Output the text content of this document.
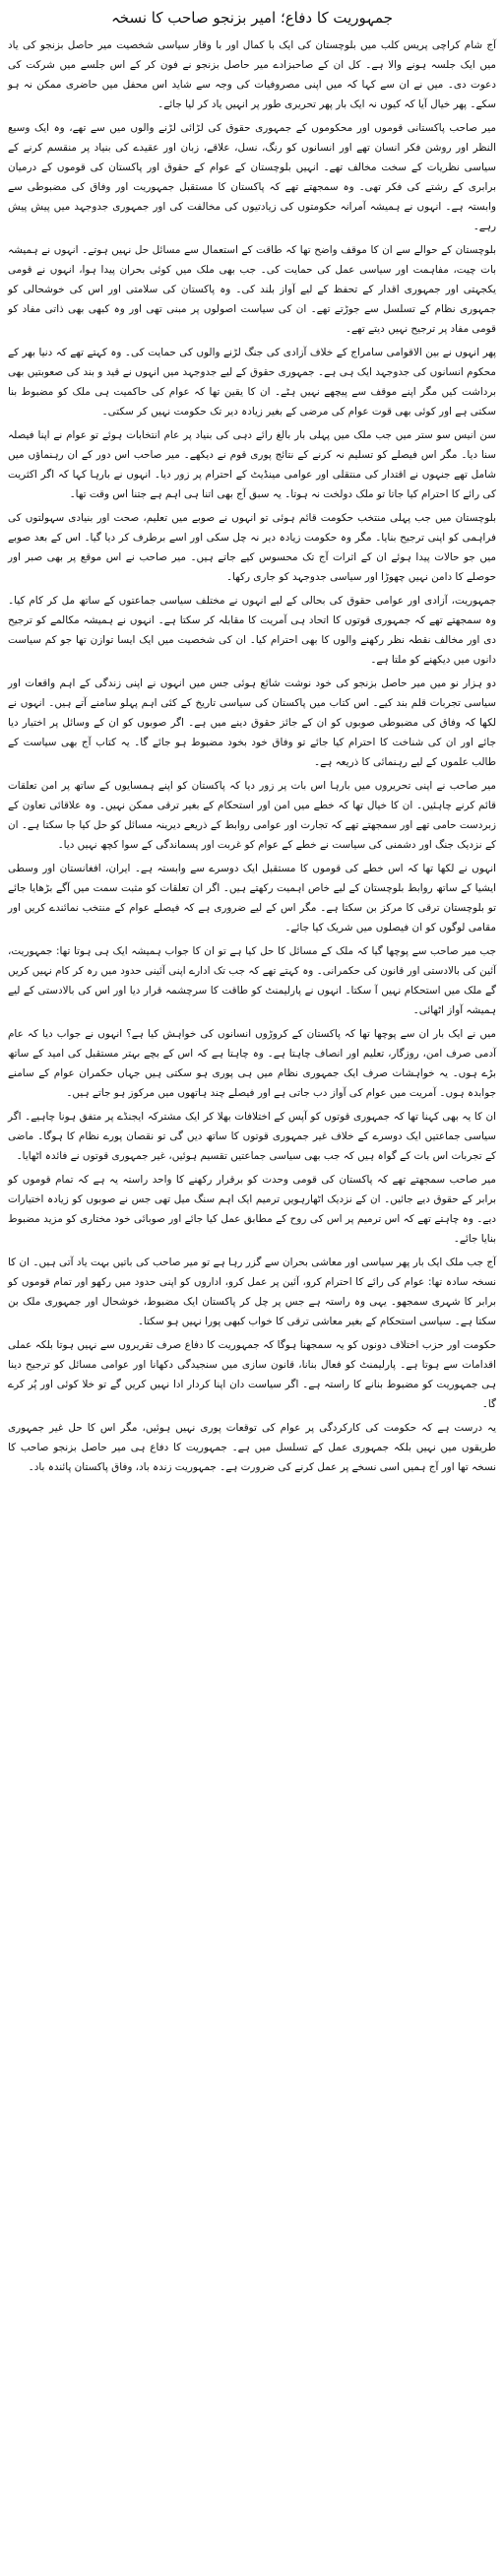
جمہوریت کا دفاع؛ امیر بزنجو صاحب کا نسخہ

آج شام کراچی پریس کلب میں بلوچستان کی ایک با کمال اور با وقار سیاسی شخصیت میر حاصل بزنجو کی یاد میں ایک جلسہ ہونے والا ہے۔ کل ان کے صاحبزادے میر حاصل بزنجو نے فون کر کے اس جلسے میں شرکت کی دعوت دی۔ میں نے ان سے کہا کہ میں اپنی مصروفیات کی وجہ سے شاید اس محفل میں حاضری ممکن نہ ہو سکے۔ پھر خیال آیا کہ کیوں نہ ایک بار پھر تحریری طور پر انہیں یاد کر لیا جائے۔

میر صاحب پاکستانی قوموں اور محکوموں کے جمہوری حقوق کی لڑائی لڑنے والوں میں سے تھے، وہ ایک وسیع النظر اور روشن فکر انسان تھے اور انسانوں کو رنگ، نسل، علاقے، زبان اور عقیدے کی بنیاد پر منقسم کرنے کے سیاسی نظریات کے سخت مخالف تھے۔ انہیں بلوچستان کے عوام کے حقوق اور پاکستان کی قوموں کے درمیان برابری کے رشتے کی فکر تھی۔ وہ سمجھتے تھے کہ پاکستان کا مستقبل جمہوریت اور وفاق کی مضبوطی سے وابستہ ہے۔ انہوں نے ہمیشہ آمرانہ حکومتوں کی زیادتیوں کی مخالفت کی اور جمہوری جدوجہد میں پیش پیش رہے۔

بلوچستان کے حوالے سے ان کا موقف واضح تھا کہ طاقت کے استعمال سے مسائل حل نہیں ہوتے۔ انہوں نے ہمیشہ بات چیت، مفاہمت اور سیاسی عمل کی حمایت کی۔ جب بھی ملک میں کوئی بحران پیدا ہوا، انہوں نے قومی یکجہتی اور جمہوری اقدار کے تحفظ کے لیے آواز بلند کی۔ وہ پاکستان کی سلامتی اور اس کی خوشحالی کو جمہوری نظام کے تسلسل سے جوڑتے تھے۔ ان کی سیاست اصولوں پر مبنی تھی اور وہ کبھی بھی ذاتی مفاد کو قومی مفاد پر ترجیح نہیں دیتے تھے۔

پھر انہوں نے بین الاقوامی سامراج کے خلاف آزادی کی جنگ لڑنے والوں کی حمایت کی۔ وہ کہتے تھے کہ دنیا بھر کے محکوم انسانوں کی جدوجہد ایک ہی ہے۔ جمہوری حقوق کے لیے جدوجہد میں انہوں نے قید و بند کی صعوبتیں بھی برداشت کیں مگر اپنے موقف سے پیچھے نہیں ہٹے۔ ان کا یقین تھا کہ عوام کی حاکمیت ہی ملک کو مضبوط بنا سکتی ہے اور کوئی بھی قوت عوام کی مرضی کے بغیر زیادہ دیر تک حکومت نہیں کر سکتی۔

سن انیس سو ستر میں جب ملک میں پہلی بار بالغ رائے دہی کی بنیاد پر عام انتخابات ہوئے تو عوام نے اپنا فیصلہ سنا دیا۔ مگر اس فیصلے کو تسلیم نہ کرنے کے نتائج پوری قوم نے دیکھے۔ میر صاحب اس دور کے ان رہنماؤں میں شامل تھے جنہوں نے اقتدار کی منتقلی اور عوامی مینڈیٹ کے احترام پر زور دیا۔ انہوں نے بارہا کہا کہ اگر اکثریت کی رائے کا احترام کیا جاتا تو ملک دولخت نہ ہوتا۔ یہ سبق آج بھی اتنا ہی اہم ہے جتنا اس وقت تھا۔

بلوچستان میں جب پہلی منتخب حکومت قائم ہوئی تو انہوں نے صوبے میں تعلیم، صحت اور بنیادی سہولتوں کی فراہمی کو اپنی ترجیح بنایا۔ مگر وہ حکومت زیادہ دیر نہ چل سکی اور اسے برطرف کر دیا گیا۔ اس کے بعد صوبے میں جو حالات پیدا ہوئے ان کے اثرات آج تک محسوس کیے جاتے ہیں۔ میر صاحب نے اس موقع پر بھی صبر اور حوصلے کا دامن نہیں چھوڑا اور سیاسی جدوجہد کو جاری رکھا۔

جمہوریت، آزادی اور عوامی حقوق کی بحالی کے لیے انہوں نے مختلف سیاسی جماعتوں کے ساتھ مل کر کام کیا۔ وہ سمجھتے تھے کہ جمہوری قوتوں کا اتحاد ہی آمریت کا مقابلہ کر سکتا ہے۔ انہوں نے ہمیشہ مکالمے کو ترجیح دی اور مخالف نقطہ نظر رکھنے والوں کا بھی احترام کیا۔ ان کی شخصیت میں ایک ایسا توازن تھا جو کم سیاست دانوں میں دیکھنے کو ملتا ہے۔

دو ہزار نو میں میر حاصل بزنجو کی خود نوشت شائع ہوئی جس میں انہوں نے اپنی زندگی کے اہم واقعات اور سیاسی تجربات قلم بند کیے۔ اس کتاب میں پاکستان کی سیاسی تاریخ کے کئی اہم پہلو سامنے آتے ہیں۔ انہوں نے لکھا کہ وفاق کی مضبوطی صوبوں کو ان کے جائز حقوق دینے میں ہے۔ اگر صوبوں کو ان کے وسائل پر اختیار دیا جائے اور ان کی شناخت کا احترام کیا جائے تو وفاق خود بخود مضبوط ہو جائے گا۔ یہ کتاب آج بھی سیاست کے طالب علموں کے لیے رہنمائی کا ذریعہ ہے۔

میر صاحب نے اپنی تحریروں میں بارہا اس بات پر زور دیا کہ پاکستان کو اپنے ہمسایوں کے ساتھ پر امن تعلقات قائم کرنے چاہئیں۔ ان کا خیال تھا کہ خطے میں امن اور استحکام کے بغیر ترقی ممکن نہیں۔ وہ علاقائی تعاون کے زبردست حامی تھے اور سمجھتے تھے کہ تجارت اور عوامی روابط کے ذریعے دیرینہ مسائل کو حل کیا جا سکتا ہے۔ ان کے نزدیک جنگ اور دشمنی کی سیاست نے خطے کے عوام کو غربت اور پسماندگی کے سوا کچھ نہیں دیا۔

انہوں نے لکھا تھا کہ اس خطے کی قوموں کا مستقبل ایک دوسرے سے وابستہ ہے۔ ایران، افغانستان اور وسطی ایشیا کے ساتھ روابط بلوچستان کے لیے خاص اہمیت رکھتے ہیں۔ اگر ان تعلقات کو مثبت سمت میں آگے بڑھایا جائے تو بلوچستان ترقی کا مرکز بن سکتا ہے۔ مگر اس کے لیے ضروری ہے کہ فیصلے عوام کے منتخب نمائندے کریں اور مقامی لوگوں کو ان فیصلوں میں شریک کیا جائے۔

جب میر صاحب سے پوچھا گیا کہ ملک کے مسائل کا حل کیا ہے تو ان کا جواب ہمیشہ ایک ہی ہوتا تھا: جمہوریت، آئین کی بالادستی اور قانون کی حکمرانی۔ وہ کہتے تھے کہ جب تک ادارے اپنی آئینی حدود میں رہ کر کام نہیں کریں گے ملک میں استحکام نہیں آ سکتا۔ انہوں نے پارلیمنٹ کو طاقت کا سرچشمہ قرار دیا اور اس کی بالادستی کے لیے ہمیشہ آواز اٹھائی۔

میں نے ایک بار ان سے پوچھا تھا کہ پاکستان کے کروڑوں انسانوں کی خواہش کیا ہے؟ انہوں نے جواب دیا کہ عام آدمی صرف امن، روزگار، تعلیم اور انصاف چاہتا ہے۔ وہ چاہتا ہے کہ اس کے بچے بہتر مستقبل کی امید کے ساتھ بڑے ہوں۔ یہ خواہشات صرف ایک جمہوری نظام میں ہی پوری ہو سکتی ہیں جہاں حکمران عوام کے سامنے جوابدہ ہوں۔ آمریت میں عوام کی آواز دب جاتی ہے اور فیصلے چند ہاتھوں میں مرکوز ہو جاتے ہیں۔

ان کا یہ بھی کہنا تھا کہ جمہوری قوتوں کو آپس کے اختلافات بھلا کر ایک مشترکہ ایجنڈے پر متفق ہونا چاہیے۔ اگر سیاسی جماعتیں ایک دوسرے کے خلاف غیر جمہوری قوتوں کا ساتھ دیں گی تو نقصان پورے نظام کا ہوگا۔ ماضی کے تجربات اس بات کے گواہ ہیں کہ جب بھی سیاسی جماعتیں تقسیم ہوئیں، غیر جمہوری قوتوں نے فائدہ اٹھایا۔

میر صاحب سمجھتے تھے کہ پاکستان کی قومی وحدت کو برقرار رکھنے کا واحد راستہ یہ ہے کہ تمام قوموں کو برابر کے حقوق دیے جائیں۔ ان کے نزدیک اٹھارہویں ترمیم ایک اہم سنگ میل تھی جس نے صوبوں کو زیادہ اختیارات دیے۔ وہ چاہتے تھے کہ اس ترمیم پر اس کی روح کے مطابق عمل کیا جائے اور صوبائی خود مختاری کو مزید مضبوط بنایا جائے۔

آج جب ملک ایک بار پھر سیاسی اور معاشی بحران سے گزر رہا ہے تو میر صاحب کی باتیں بہت یاد آتی ہیں۔ ان کا نسخہ سادہ تھا: عوام کی رائے کا احترام کرو، آئین پر عمل کرو، اداروں کو اپنی حدود میں رکھو اور تمام قوموں کو برابر کا شہری سمجھو۔ یہی وہ راستہ ہے جس پر چل کر پاکستان ایک مضبوط، خوشحال اور جمہوری ملک بن سکتا ہے۔ سیاسی استحکام کے بغیر معاشی ترقی کا خواب کبھی پورا نہیں ہو سکتا۔

حکومت اور حزب اختلاف دونوں کو یہ سمجھنا ہوگا کہ جمہوریت کا دفاع صرف تقریروں سے نہیں ہوتا بلکہ عملی اقدامات سے ہوتا ہے۔ پارلیمنٹ کو فعال بنانا، قانون سازی میں سنجیدگی دکھانا اور عوامی مسائل کو ترجیح دینا ہی جمہوریت کو مضبوط بنانے کا راستہ ہے۔ اگر سیاست دان اپنا کردار ادا نہیں کریں گے تو خلا کوئی اور پُر کرے گا۔

یہ درست ہے کہ حکومت کی کارکردگی پر عوام کی توقعات پوری نہیں ہوئیں، مگر اس کا حل غیر جمہوری طریقوں میں نہیں بلکہ جمہوری عمل کے تسلسل میں ہے۔ جمہوریت کا دفاع ہی میر حاصل بزنجو صاحب کا نسخہ تھا اور آج ہمیں اسی نسخے پر عمل کرنے کی ضرورت ہے۔ جمہوریت زندہ باد، وفاق پاکستان پائندہ باد۔
